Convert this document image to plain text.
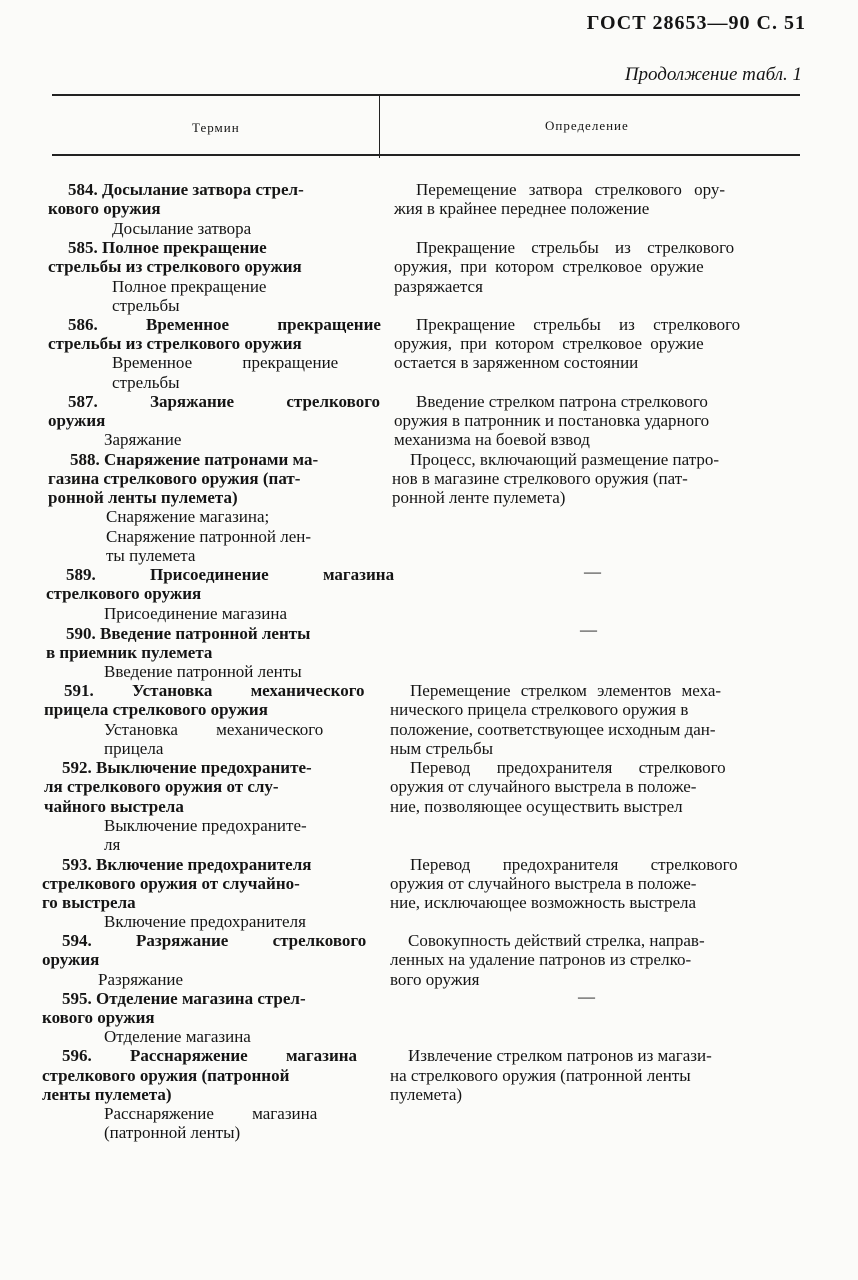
ГОСТ 28653—90 С. 51
Продолжение табл. 1
Термин	Определение
584. Досылание затвора стрел-
кового оружия
Досылание затвора
585. Полное прекращение
стрельбы из стрелкового оружия
Полное прекращение
стрельбы
586. Временное прекращение
стрельбы из стрелкового оружия
Временное прекращение
стрельбы
587. Заряжание стрелкового
оружия
Заряжание
588. Снаряжение патронами ма-
газина стрелкового оружия (пат-
ронной ленты пулемета)
Снаряжение магазина;
Снаряжение патронной лен-
ты пулемета
589. Присоединение магазина
стрелкового оружия
Присоединение магазина
590. Введение патронной ленты
в приемник пулемета
Введение патронной ленты
591. Установка механического
прицела стрелкового оружия
Установка механического
прицела
592. Выключение предохраните-
ля стрелкового оружия от слу-
чайного выстрела
Выключение предохраните-
ля
593. Включение предохранителя
стрелкового оружия от случайно-
го выстрела
Включение предохранителя
594. Разряжание стрелкового
оружия
Разряжание
595. Отделение магазина стрел-
кового оружия
Отделение магазина
596. Расснаряжение магазина
стрелкового оружия (патронной
ленты пулемета)
Расснаряжение магазина
(патронной ленты)
Перемещение затвора стрелкового ору-
жия в крайнее переднее положение
Прекращение стрельбы из стрелкового
оружия, при котором стрелковое оружие
разряжается
Прекращение стрельбы из стрелкового
оружия, при котором стрелковое оружие
остается в заряженном состоянии
Введение стрелком патрона стрелкового
оружия в патронник и постановка ударного
механизма на боевой взвод
Процесс, включающий размещение патро-
нов в магазине стрелкового оружия (пат-
ронной ленте пулемета)
—
—
Перемещение стрелком элементов меха-
нического прицела стрелкового оружия в
положение, соответствующее исходным дан-
ным стрельбы
Перевод предохранителя стрелкового
оружия от случайного выстрела в положе-
ние, позволяющее осуществить выстрел
Перевод предохранителя стрелкового
оружия от случайного выстрела в положе-
ние, исключающее возможность выстрела
Совокупность действий стрелка, направ-
ленных на удаление патронов из стрелко-
вого оружия
—
Извлечение стрелком патронов из магази-
на стрелкового оружия (патронной ленты
пулемета)
